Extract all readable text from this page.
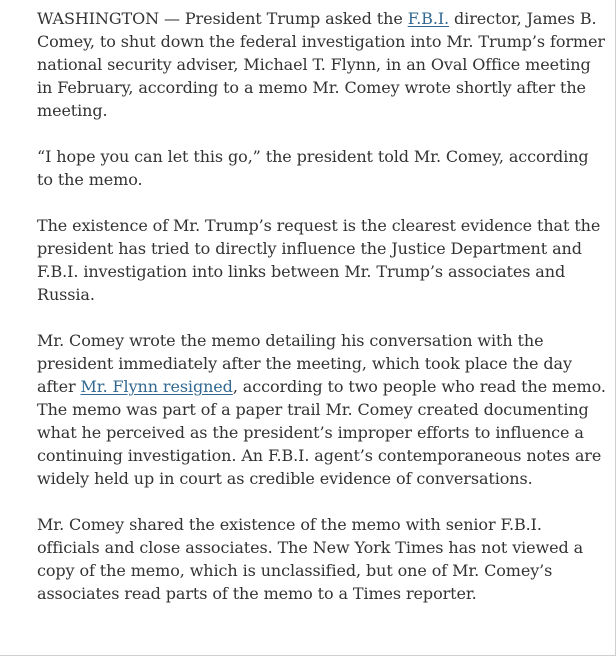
WASHINGTON — President Trump asked the F.B.I. director, James B. Comey, to shut down the federal investigation into Mr. Trump’s former national security adviser, Michael T. Flynn, in an Oval Office meeting in February, according to a memo Mr. Comey wrote shortly after the meeting.

“I hope you can let this go,” the president told Mr. Comey, according to the memo.

The existence of Mr. Trump’s request is the clearest evidence that the president has tried to directly influence the Justice Department and F.B.I. investigation into links between Mr. Trump’s associates and Russia.

Mr. Comey wrote the memo detailing his conversation with the president immediately after the meeting, which took place the day after Mr. Flynn resigned, according to two people who read the memo. The memo was part of a paper trail Mr. Comey created documenting what he perceived as the president’s improper efforts to influence a continuing investigation. An F.B.I. agent’s contemporaneous notes are widely held up in court as credible evidence of conversations.

Mr. Comey shared the existence of the memo with senior F.B.I. officials and close associates. The New York Times has not viewed a copy of the memo, which is unclassified, but one of Mr. Comey’s associates read parts of the memo to a Times reporter.
